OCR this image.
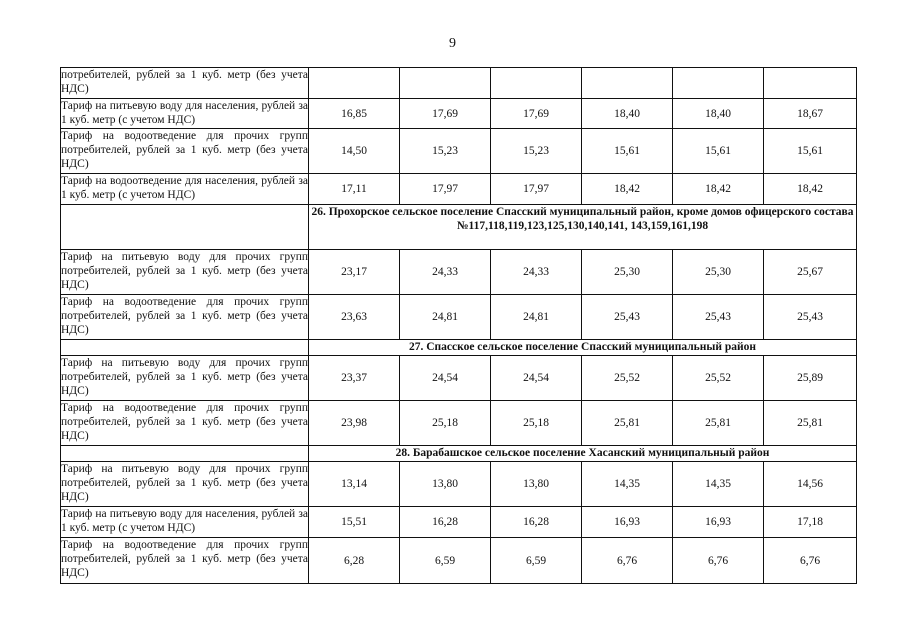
9
потребителей, рублей за 1 куб. метр (без учета НДС)						
Тариф на питьевую воду для населения, рублей за 1 куб. метр (с учетом НДС)	16,85	17,69	17,69	18,40	18,40	18,67
Тариф на водоотведение для прочих групп потребителей, рублей за 1 куб. метр (без учета НДС)	14,50	15,23	15,23	15,61	15,61	15,61
Тариф на водоотведение для населения, рублей за 1 куб. метр (с учетом НДС)	17,11	17,97	17,97	18,42	18,42	18,42
	26. Прохорское сельское поселение Спасский муниципальный район, кроме домов офицерского состава №117,118,119,123,125,130,140,141, 143,159,161,198					
Тариф на питьевую воду для прочих групп потребителей, рублей за 1 куб. метр (без учета НДС)	23,17	24,33	24,33	25,30	25,30	25,67
Тариф на водоотведение для прочих групп потребителей, рублей за 1 куб. метр (без учета НДС)	23,63	24,81	24,81	25,43	25,43	25,43
	27. Спасское сельское поселение Спасский муниципальный район					
Тариф на питьевую воду для прочих групп потребителей, рублей за 1 куб. метр (без учета НДС)	23,37	24,54	24,54	25,52	25,52	25,89
Тариф на водоотведение для прочих групп потребителей, рублей за 1 куб. метр (без учета НДС)	23,98	25,18	25,18	25,81	25,81	25,81
	28. Барабашское сельское поселение Хасанский муниципальный район					
Тариф на питьевую воду для прочих групп потребителей, рублей за 1 куб. метр (без учета НДС)	13,14	13,80	13,80	14,35	14,35	14,56
Тариф на питьевую воду для населения, рублей за 1 куб. метр (с учетом НДС)	15,51	16,28	16,28	16,93	16,93	17,18
Тариф на водоотведение для прочих групп потребителей, рублей за 1 куб. метр (без учета НДС)	6,28	6,59	6,59	6,76	6,76	6,76
